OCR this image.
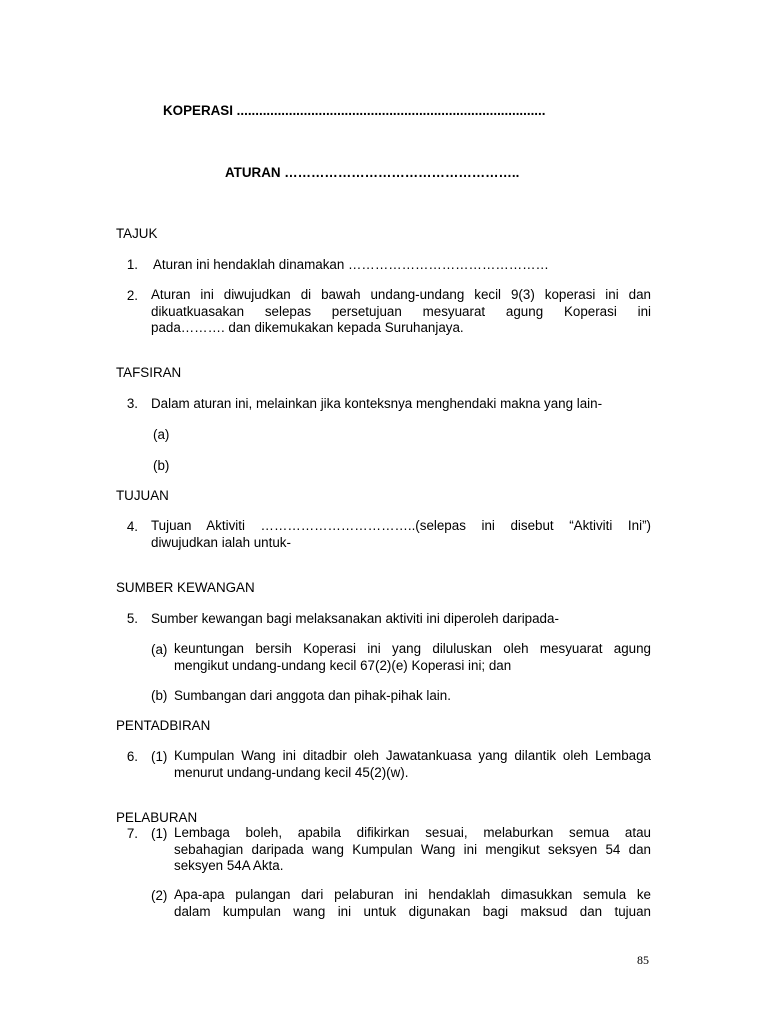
KOPERASI ...................................................................................
ATURAN ……………………………………………..
TAJUK
1. Aturan ini hendaklah dinamakan ………………………………………
2. Aturan ini diwujudkan di bawah undang-undang kecil 9(3) koperasi ini dan
dikuatkuasakan selepas persetujuan mesyuarat agung Koperasi ini
pada………. dan dikemukakan kepada Suruhanjaya.
TAFSIRAN
3. Dalam aturan ini, melainkan jika konteksnya menghendaki makna yang lain-
(a)
(b)
TUJUAN
4. Tujuan Aktiviti ……………………………..(selepas ini disebut “Aktiviti Ini”)
diwujudkan ialah untuk-
SUMBER KEWANGAN
5. Sumber kewangan bagi melaksanakan aktiviti ini diperoleh daripada-
(a) keuntungan bersih Koperasi ini yang diluluskan oleh mesyuarat agung
mengikut undang-undang kecil 67(2)(e) Koperasi ini; dan
(b) Sumbangan dari anggota dan pihak-pihak lain.
PENTADBIRAN
6. (1) Kumpulan Wang ini ditadbir oleh Jawatankuasa yang dilantik oleh Lembaga
menurut undang-undang kecil 45(2)(w).
PELABURAN
7. (1) Lembaga boleh, apabila difikirkan sesuai, melaburkan semua atau
sebahagian daripada wang Kumpulan Wang ini mengikut seksyen 54 dan
seksyen 54A Akta.
(2) Apa-apa pulangan dari pelaburan ini hendaklah dimasukkan semula ke
dalam kumpulan wang ini untuk digunakan bagi maksud dan tujuan
85
